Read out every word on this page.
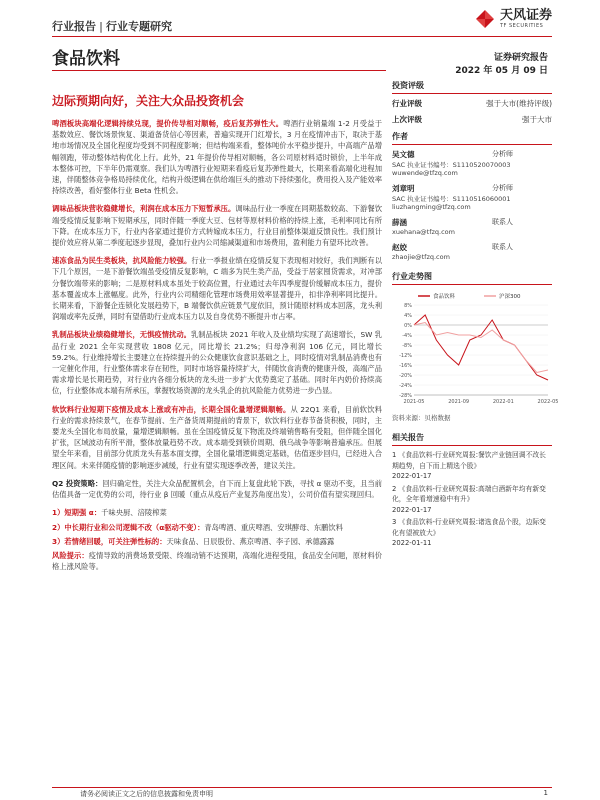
行业报告 | 行业专题研究
天风证券
TF SECURITIES
食品饮料	证券研究报告
2022 年 05 月 09 日
边际预期向好，关注大众品投资机会

啤酒板块高端化逻辑持续兑现，提价传导相对顺畅，疫后复苏弹性大。啤酒行业销量端 1-2 月受益于基数效应、餐饮场景恢复、渠道备货信心等因素，普遍实现开门红增长，3 月在疫情冲击下，取决于基地市场情况及全国化程度均受到不同程度影响；但结构端来看，整体吨价水平稳步提升，中高端产品增幅领跑，带动整体结构优化上行。此外，21 年提价传导相对顺畅，各公司原材料适时锁价，上半年成本整体可控，下半年仍需观察。我们认为啤酒行业短期来看疫后复苏弹性最大，长期来看高端化进程加速，伴随整体竞争格局持续优化，结构升级逻辑在供给端巨头的推动下持续强化，费用投入及产能效率持续改善，看好整体行业 Beta 性机会。

调味品板块营收稳健增长，利润在成本压力下短暂承压。调味品行业一季度在同期基数较高、下游餐饮端受疫情反复影响下短期承压，同时伴随一季度大豆、包材等原材料价格的持续上涨，毛利率同比有所下降。在成本压力下，行业内各家通过提价方式转嫁成本压力，行业目前整体渠道反馈良性。我们预计提价效应将从第二季度起逐步显现，叠加行业内公司缩减渠道和市场费用，盈利能力有望环比改善。

速冻食品为民生类板块，抗风险能力较强。行业一季报业绩在疫情反复下表现相对较好，我们判断有以下几个原因，一是下游餐饮端虽受疫情反复影响，C 端多为民生类产品，受益于居家囤货需求，对冲部分餐饮端带来的影响；二是原材料成本虽处于较高位置，行业通过去年四季度提价缓解成本压力，提价基本覆盖成本上涨幅度。此外，行业内公司精细化管理市场费用效率显著提升，扣非净利率同比提升。长期来看，下游餐企连锁化发展趋势下，B 端餐饮供应链景气度依旧，预计随原材料成本回落，龙头利润端或率先反弹，同时有望借助行业成本压力以及自身优势不断提升市占率。

乳制品板块业绩稳健增长，无惧疫情扰动。乳制品板块 2021 年收入及业绩均实现了高速增长，SW 乳品行业 2021 全年实现营收 1808 亿元，同比增长 21.2%；归母净利润 106 亿元，同比增长 59.2%。行业维持增长主要建立在持续提升的公众健康饮食意识基础之上，同时疫情对乳制品消费也有一定催化作用，行业整体需求存在韧性，同时市场容量持续扩大，伴随饮食消费的健康升级，高端产品需求增长是长期趋势，对行业内各细分板块的龙头进一步扩大优势奠定了基础。同时年内奶价持续高位，行业整体成本端有所承压，掌握牧场资源的龙头乳企的抗风险能力优势进一步凸显。

软饮料行业短期下疫情及成本上涨或有冲击，长期全国化量增逻辑顺畅。从 22Q1 来看，目前软饮料行业的需求持续景气，在春节提前、生产备货周期提前的背景下，软饮料行业春节备货积极，同时，主要龙头全国化布局放量，量增逻辑顺畅。虽在全国疫情反复下物流及终端销售略有受阻，但伴随全国化扩张，区域波动有所平滑，整体放量趋势不改。成本端受到锁价周期、俄乌战争等影响普遍承压。但展望全年来看，目前部分优质龙头有基本面支撑，全国化量增逻辑奠定基础，估值逐步回归，已经进入合理区间。未来伴随疫情的影响逐步减缓，行业有望实现逐季改善，建议关注。

Q2 投资策略：回归确定性，关注大众品配置机会，自下而上复盘此轮下跌，寻找 α 驱动不变，且当前估值具备一定优势的公司，待行业 β 回暖（重点从疫后产业复苏角度出发），公司价值有望实现回归。

1）短期强 α：千味央厨、涪陵榨菜

2）中长期行业和公司逻辑不改（α驱动不变）：青岛啤酒、重庆啤酒、安琪酵母、东鹏饮料

3）若情绪回暖，可关注弹性标的：天味食品、日辰股份、燕京啤酒、李子园、承德露露

风险提示：疫情导致的消费场景受限、终端动销不达预期，高端化进程受阻，食品安全问题，原材料价格上涨风险等。

投资评级
行业评级	强于大市(维持评级)
上次评级	强于大市
作者
吴文德	分析师
SAC 执业证书编号：S1110520070003
wuwende@tfzq.com
刘章明	分析师
SAC 执业证书编号：S1110516060001
liuzhangming@tfzq.com
薛涵	联系人
xuehana@tfzq.com
赵姣	联系人
zhaojie@tfzq.com
行业走势图
8%
4%
0%
-4%
-8%
-12%
-16%
-20%
-24%
-28%
2021-05	2021-09	2022-01	2022-05
食品饮料	沪深300
资料来源：贝格数据
相关报告
1 《食品饮料-行业研究周报:餐饮产业链回调不改长期趋势，自下而上精选个股》
2022-01-17
2 《食品饮料-行业研究周报:高端白酒新年均有新变化，全年看增速稳中有升》
2022-01-17
3 《食品饮料-行业研究周报:诸选食品个股，边际变化有望被放大》
2022-01-11
请务必阅读正文之后的信息披露和免责申明	1
